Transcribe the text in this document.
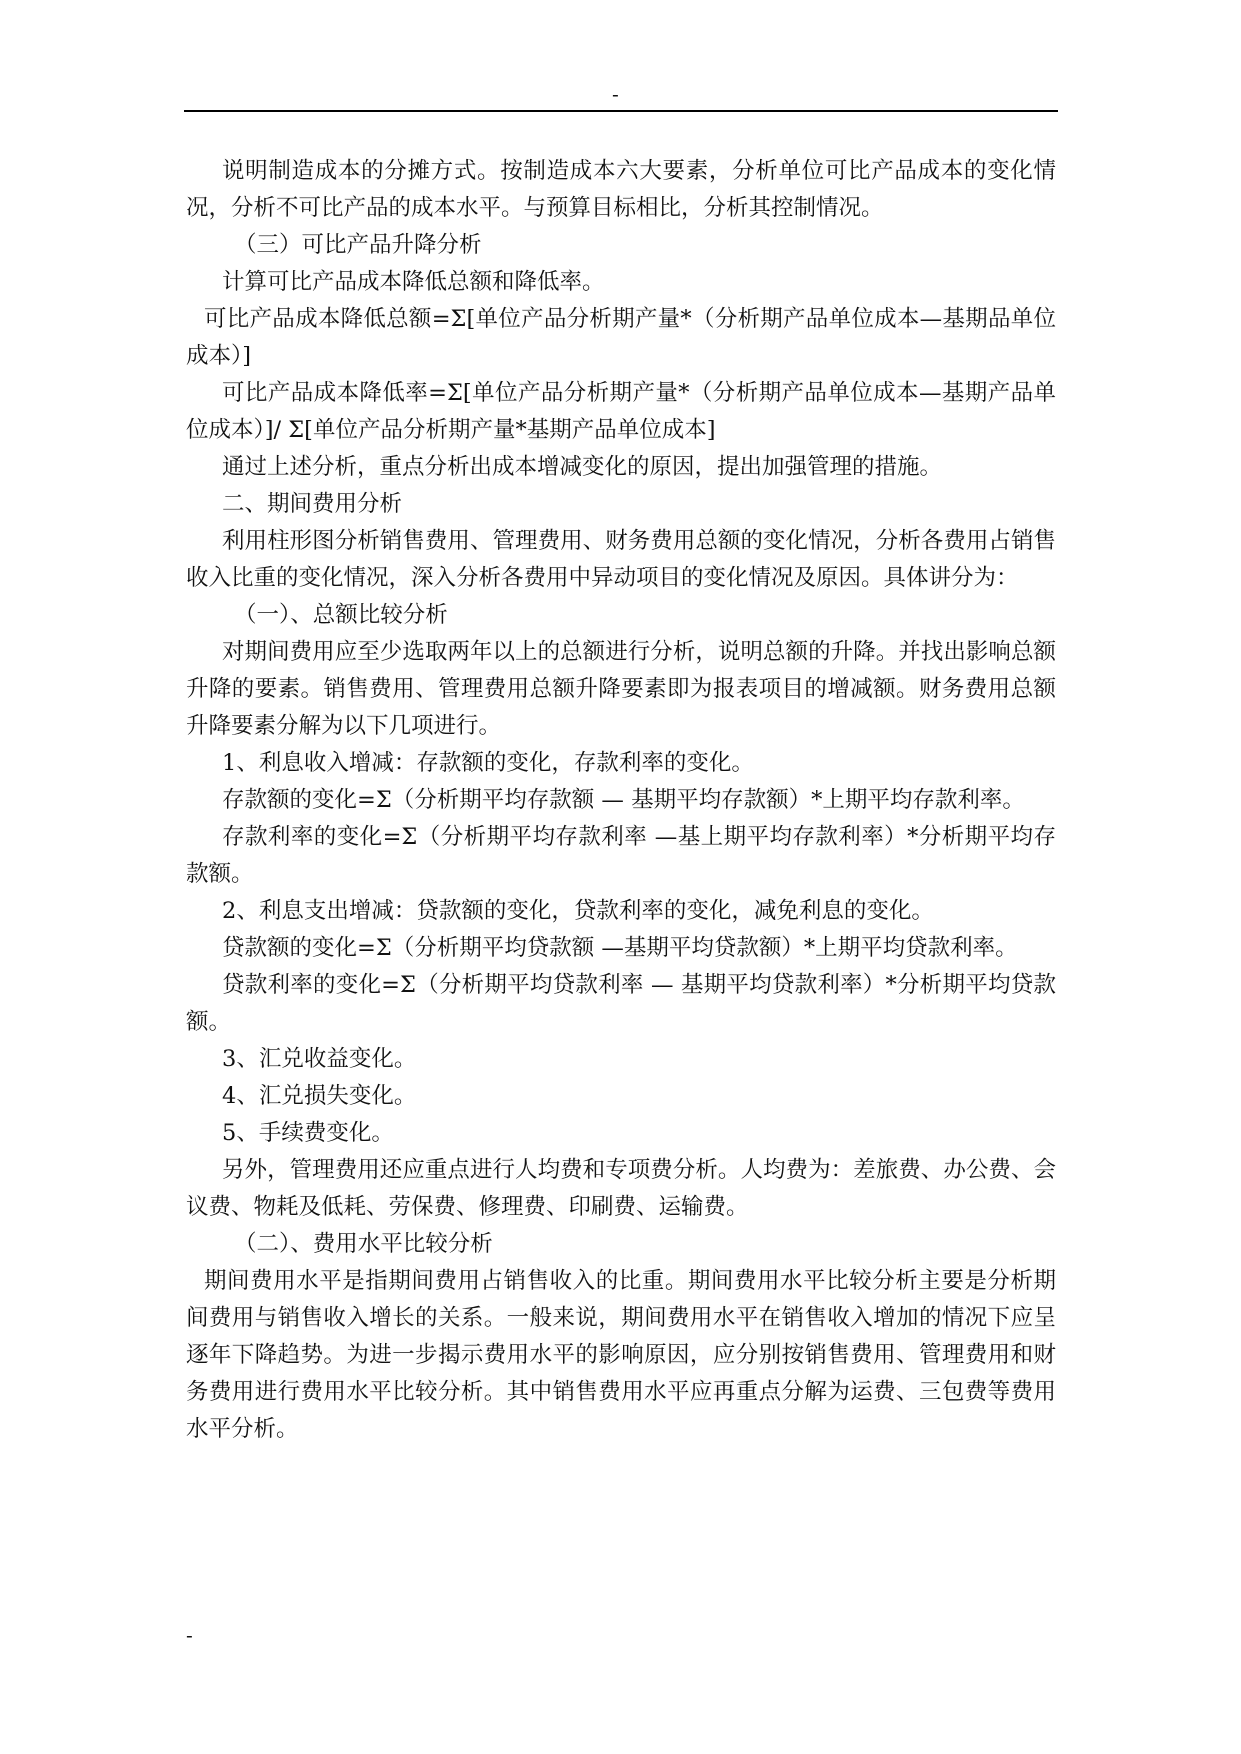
-

说明制造成本的分摊方式。按制造成本六大要素，分析单位可比产品成本的变化情况，分析不可比产品的成本水平。与预算目标相比，分析其控制情况。

（三）可比产品升降分析

计算可比产品成本降低总额和降低率。

可比产品成本降低总额=Σ[单位产品分析期产量*（分析期产品单位成本—基期品单位成本）]

可比产品成本降低率=Σ[单位产品分析期产量*（分析期产品单位成本—基期产品单位成本）]/ Σ[单位产品分析期产量*基期产品单位成本]

通过上述分析，重点分析出成本增减变化的原因，提出加强管理的措施。

二、期间费用分析

利用柱形图分析销售费用、管理费用、财务费用总额的变化情况，分析各费用占销售收入比重的变化情况，深入分析各费用中异动项目的变化情况及原因。具体讲分为：

（一）、总额比较分析

对期间费用应至少选取两年以上的总额进行分析，说明总额的升降。并找出影响总额升降的要素。销售费用、管理费用总额升降要素即为报表项目的增减额。财务费用总额升降要素分解为以下几项进行。

1、利息收入增减：存款额的变化，存款利率的变化。

存款额的变化=Σ（分析期平均存款额 — 基期平均存款额）*上期平均存款利率。

存款利率的变化=Σ（分析期平均存款利率 —基上期平均存款利率）*分析期平均存款额。

2、利息支出增减：贷款额的变化，贷款利率的变化，减免利息的变化。

贷款额的变化=Σ（分析期平均贷款额 —基期平均贷款额）*上期平均贷款利率。

贷款利率的变化=Σ（分析期平均贷款利率 — 基期平均贷款利率）*分析期平均贷款额。

3、汇兑收益变化。

4、汇兑损失变化。

5、手续费变化。

另外，管理费用还应重点进行人均费和专项费分析。人均费为：差旅费、办公费、会议费、物耗及低耗、劳保费、修理费、印刷费、运输费。

（二）、费用水平比较分析

期间费用水平是指期间费用占销售收入的比重。期间费用水平比较分析主要是分析期间费用与销售收入增长的关系。一般来说，期间费用水平在销售收入增加的情况下应呈逐年下降趋势。为进一步揭示费用水平的影响原因，应分别按销售费用、管理费用和财务费用进行费用水平比较分析。其中销售费用水平应再重点分解为运费、三包费等费用水平分析。

-
